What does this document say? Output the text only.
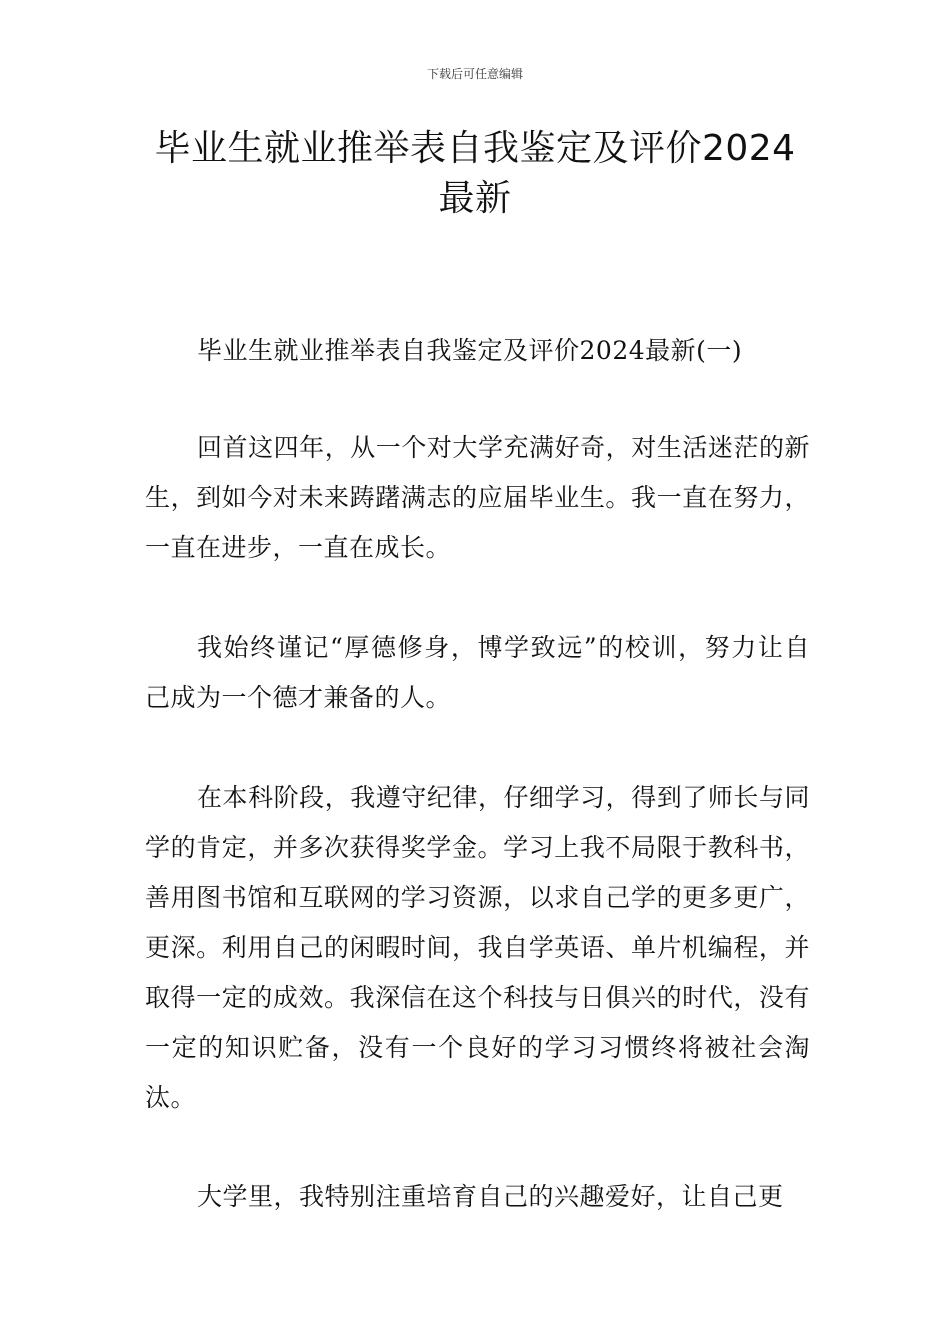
下载后可任意编辑
毕业生就业推举表自我鉴定及评价2024最新

毕业生就业推举表自我鉴定及评价2024最新(一)

回首这四年，从一个对大学充满好奇，对生活迷茫的新生，到如今对未来踌躇满志的应届毕业生。我一直在努力，一直在进步，一直在成长。

我始终谨记“厚德修身，博学致远”的校训，努力让自己成为一个德才兼备的人。

在本科阶段，我遵守纪律，仔细学习，得到了师长与同学的肯定，并多次获得奖学金。学习上我不局限于教科书，善用图书馆和互联网的学习资源，以求自己学的更多更广，更深。利用自己的闲暇时间，我自学英语、单片机编程，并取得一定的成效。我深信在这个科技与日俱兴的时代，没有一定的知识贮备，没有一个良好的学习习惯终将被社会淘汰。

大学里，我特别注重培育自己的兴趣爱好，让自己更
